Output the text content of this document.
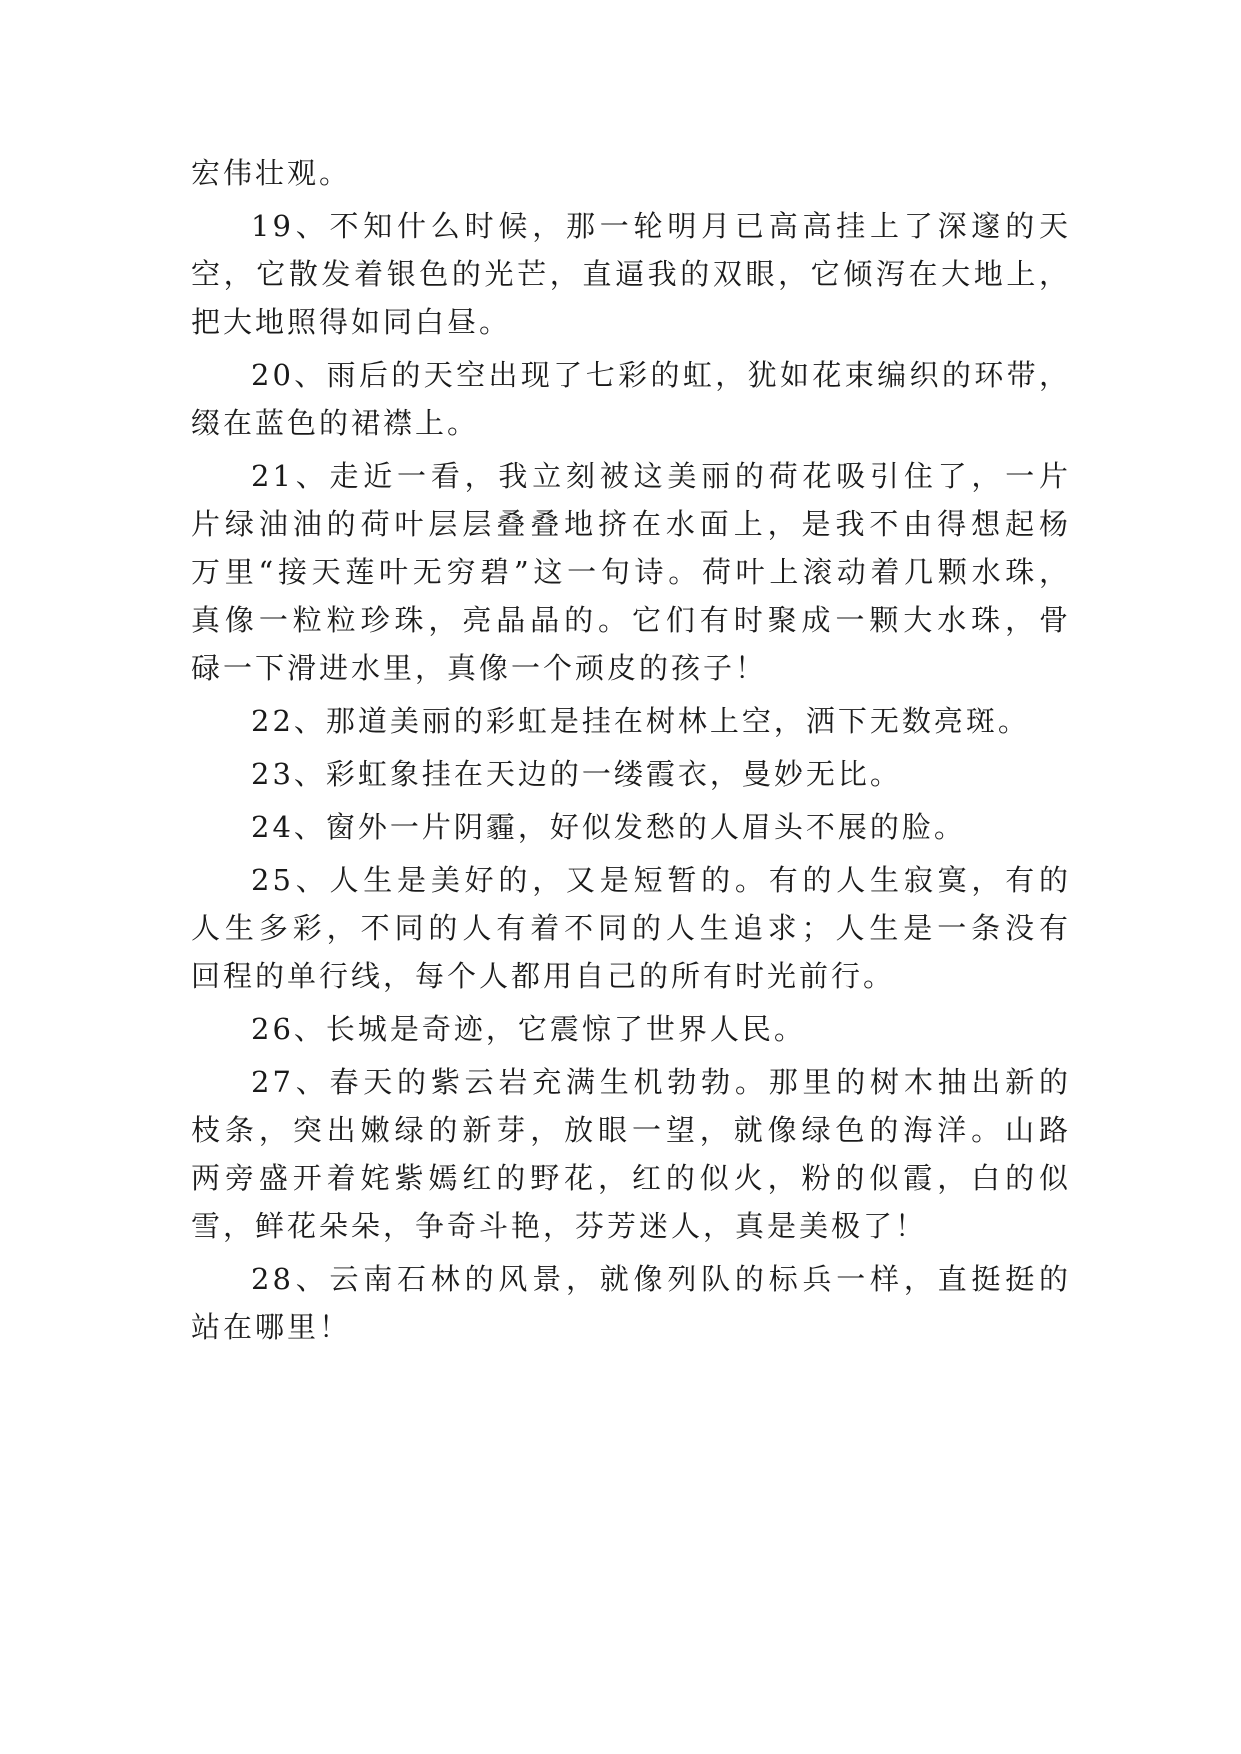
宏伟壮观。

19、不知什么时候，那一轮明月已高高挂上了深邃的天
空，它散发着银色的光芒，直逼我的双眼，它倾泻在大地上，
把大地照得如同白昼。

20、雨后的天空出现了七彩的虹，犹如花束编织的环带，
缀在蓝色的裙襟上。

21、走近一看，我立刻被这美丽的荷花吸引住了，一片
片绿油油的荷叶层层叠叠地挤在水面上，是我不由得想起杨
万里“接天莲叶无穷碧”这一句诗。荷叶上滚动着几颗水珠，
真像一粒粒珍珠，亮晶晶的。它们有时聚成一颗大水珠，骨
碌一下滑进水里，真像一个顽皮的孩子！

22、那道美丽的彩虹是挂在树林上空，洒下无数亮斑。

23、彩虹象挂在天边的一缕霞衣，曼妙无比。

24、窗外一片阴霾，好似发愁的人眉头不展的脸。

25、人生是美好的，又是短暂的。有的人生寂寞，有的
人生多彩，不同的人有着不同的人生追求；人生是一条没有
回程的单行线，每个人都用自己的所有时光前行。

26、长城是奇迹，它震惊了世界人民。

27、春天的紫云岩充满生机勃勃。那里的树木抽出新的
枝条，突出嫩绿的新芽，放眼一望，就像绿色的海洋。山路
两旁盛开着姹紫嫣红的野花，红的似火，粉的似霞，白的似
雪，鲜花朵朵，争奇斗艳，芬芳迷人，真是美极了！

28、云南石林的风景，就像列队的标兵一样，直挺挺的
站在哪里！
